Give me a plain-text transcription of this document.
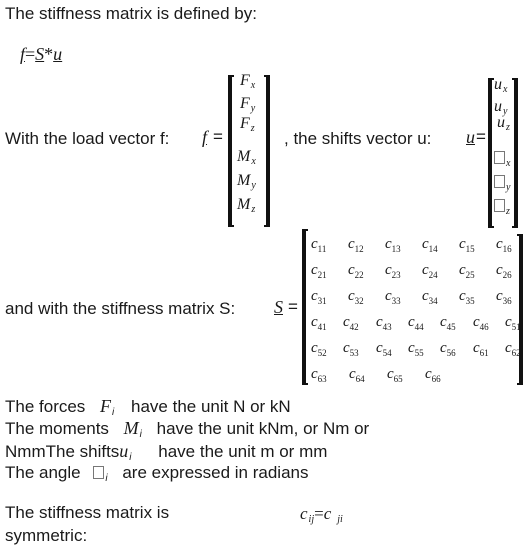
The stiffness matrix is defined by:
f=S*u
With the load vector f: f =
$F_x$
$F_y$
$F_z$
$M_x$
$M_y$
$M_z$
, the shifts vector u: u =
$u_x$
$u_y$
$u_z$
$_x$
$_y$
$_z$
and with the stiffness matrix S: S =
$c_{11}$ $c_{12}$ $c_{13}$ $c_{14}$ $c_{15}$ $c_{16}$
$c_{21}$ $c_{22}$ $c_{23}$ $c_{24}$ $c_{25}$ $c_{26}$
$c_{31}$ $c_{32}$ $c_{33}$ $c_{34}$ $c_{35}$ $c_{36}$
$c_{41}$ $c_{42}$ $c_{43}$ $c_{44}$ $c_{45}$ $c_{46}$ $c_{51}$
$c_{52}$ $c_{53}$ $c_{54}$ $c_{55}$ $c_{56}$ $c_{61}$ $c_{62}$
$c_{63}$ $c_{64}$ $c_{65}$ $c_{66}$
The forces $F_i$ have the unit N or kN
The moments $M_i$ have the unit kNm, or Nm or
NmmThe shiftsu$_i$ have the unit m or mm
The angle $_i$ are expressed in radians
The stiffness matrix is
symmetric:
$c_{ij}=c$ $_{ji}$
